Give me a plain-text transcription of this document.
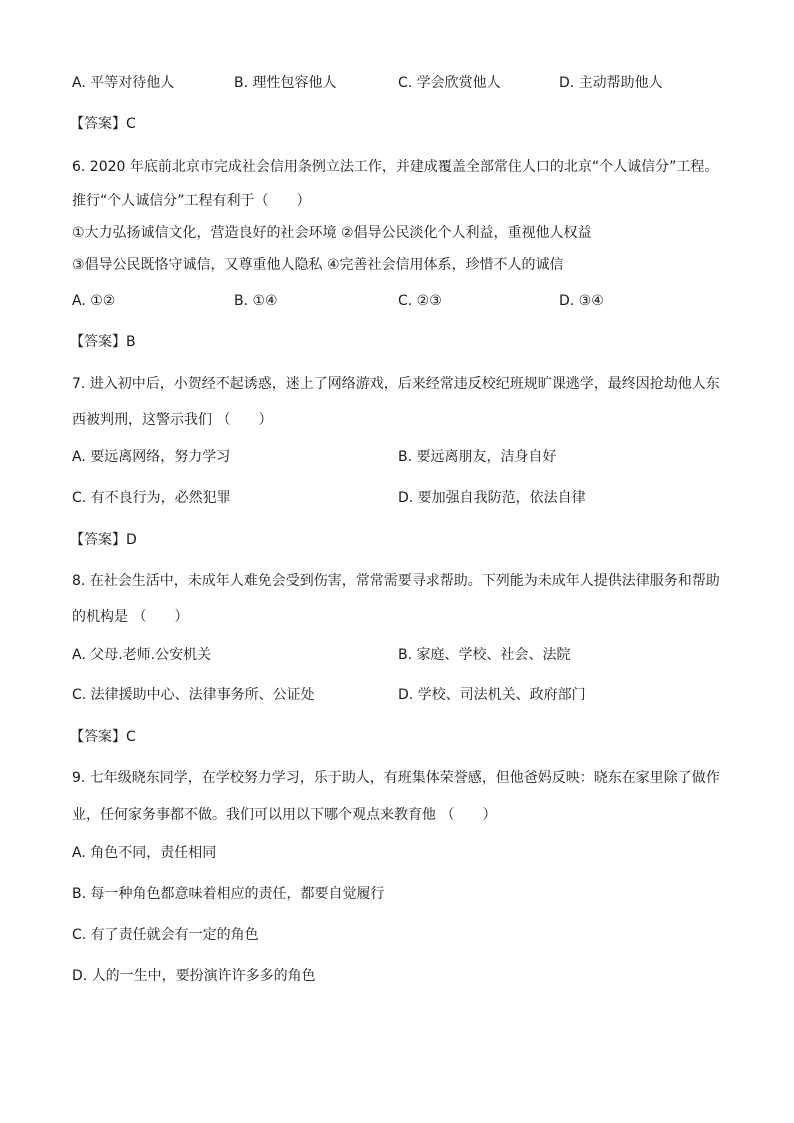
A. 平等对待他人	B. 理性包容他人	C. 学会欣赏他人	D. 主动帮助他人
【答案】C
6. 2020 年底前北京市完成社会信用条例立法工作，并建成覆盖全部常住人口的北京“个人诚信分”工程。
推行“个人诚信分”工程有利于（　　）
①大力弘扬诚信文化，营造良好的社会环境 ②倡导公民淡化个人利益，重视他人权益
③倡导公民既恪守诚信，又尊重他人隐私 ④完善社会信用体系，珍惜不人的诚信
A. ①②	B. ①④	C. ②③	D. ③④
【答案】B
7. 进入初中后，小贺经不起诱惑，迷上了网络游戏，后来经常违反校纪班规旷课逃学，最终因抢劫他人东
西被判刑，这警示我们 （　　）
A. 要远离网络，努力学习	B. 要远离朋友，洁身自好
C. 有不良行为，必然犯罪	D. 要加强自我防范，依法自律
【答案】D
8. 在社会生活中，未成年人难免会受到伤害，常常需要寻求帮助。下列能为未成年人提供法律服务和帮助
的机构是 （　　）
A. 父母.老师.公安机关	B. 家庭、学校、社会、法院
C. 法律援助中心、法律事务所、公证处	D. 学校、司法机关、政府部门
【答案】C
9. 七年级晓东同学，在学校努力学习，乐于助人，有班集体荣誉感，但他爸妈反映：晓东在家里除了做作
业，任何家务事都不做。我们可以用以下哪个观点来教育他 （　　）
A. 角色不同，责任相同
B. 每一种角色都意味着相应的责任，都要自觉履行
C. 有了责任就会有一定的角色
D. 人的一生中，要扮演许许多多的角色
